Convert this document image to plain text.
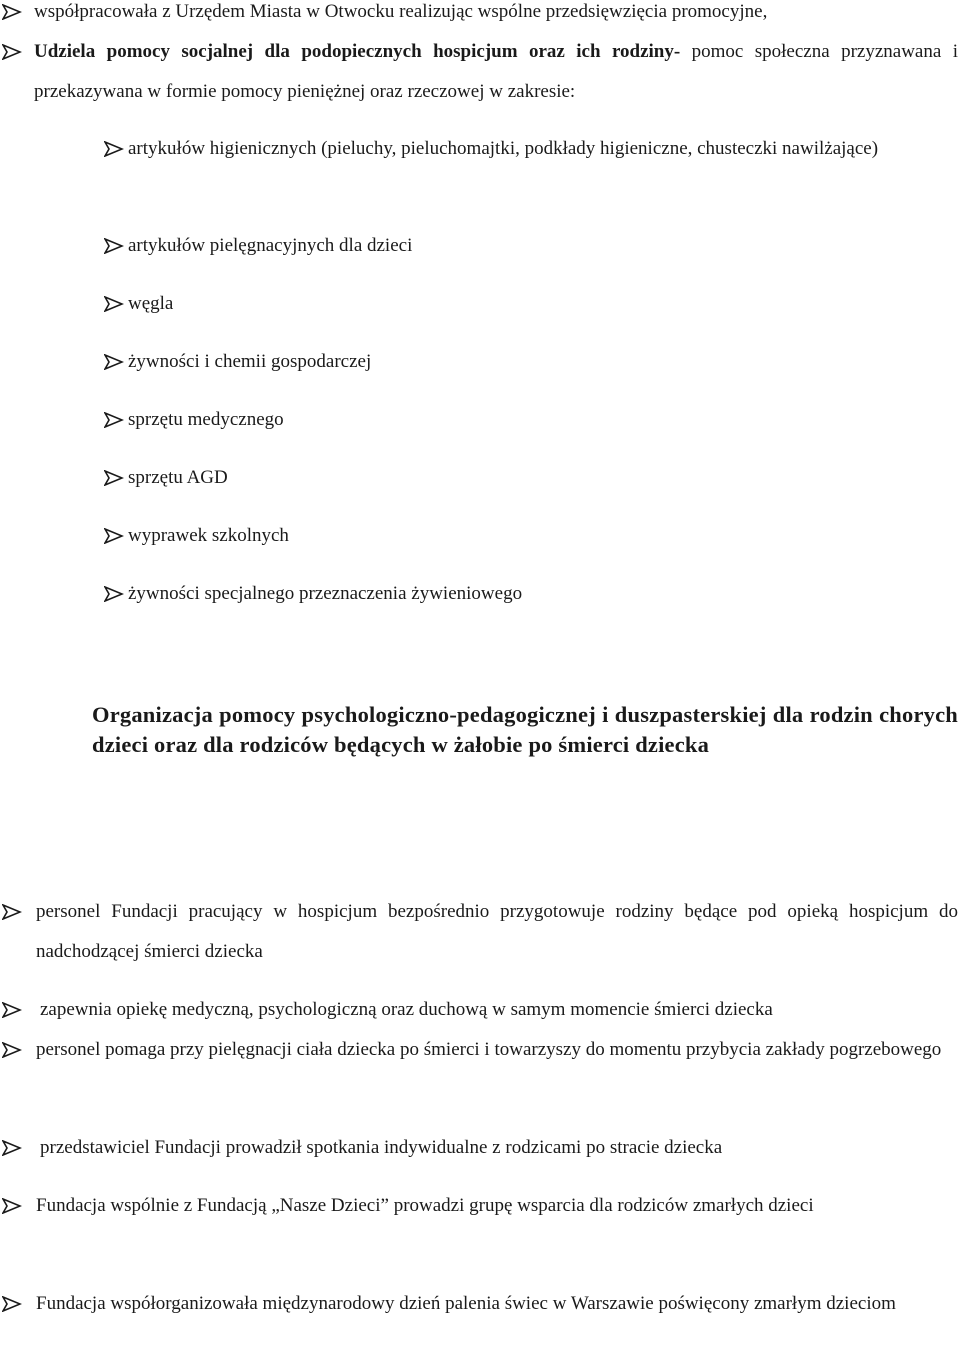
współpracowała z Urzędem Miasta w Otwocku realizując wspólne przedsięwzięcia promocyjne,
Udziela pomocy socjalnej dla podopiecznych hospicjum oraz ich rodziny- pomoc społeczna przyznawana i przekazywana w formie pomocy pieniężnej oraz rzeczowej w zakresie:
artykułów higienicznych (pieluchy, pieluchomajtki, podkłady higieniczne, chusteczki nawilżające)
artykułów pielęgnacyjnych dla dzieci
węgla
żywności i chemii gospodarczej
sprzętu medycznego
sprzętu AGD
wyprawek szkolnych
żywności specjalnego przeznaczenia żywieniowego
Organizacja pomocy psychologiczno-pedagogicznej i duszpasterskiej dla rodzin chorych dzieci oraz dla rodziców będących w żałobie po śmierci dziecka
personel Fundacji pracujący w hospicjum bezpośrednio przygotowuje rodziny będące pod opieką hospicjum do nadchodzącej śmierci dziecka
zapewnia opiekę medyczną, psychologiczną oraz duchową w samym momencie śmierci dziecka
personel pomaga przy pielęgnacji ciała dziecka po śmierci i towarzyszy do momentu przybycia zakłady pogrzebowego
przedstawiciel Fundacji prowadził spotkania indywidualne z rodzicami po stracie dziecka
Fundacja wspólnie z Fundacją „Nasze Dzieci” prowadzi grupę wsparcia dla rodziców zmarłych dzieci
Fundacja współorganizowała międzynarodowy dzień palenia świec w Warszawie poświęcony zmarłym dzieciom
